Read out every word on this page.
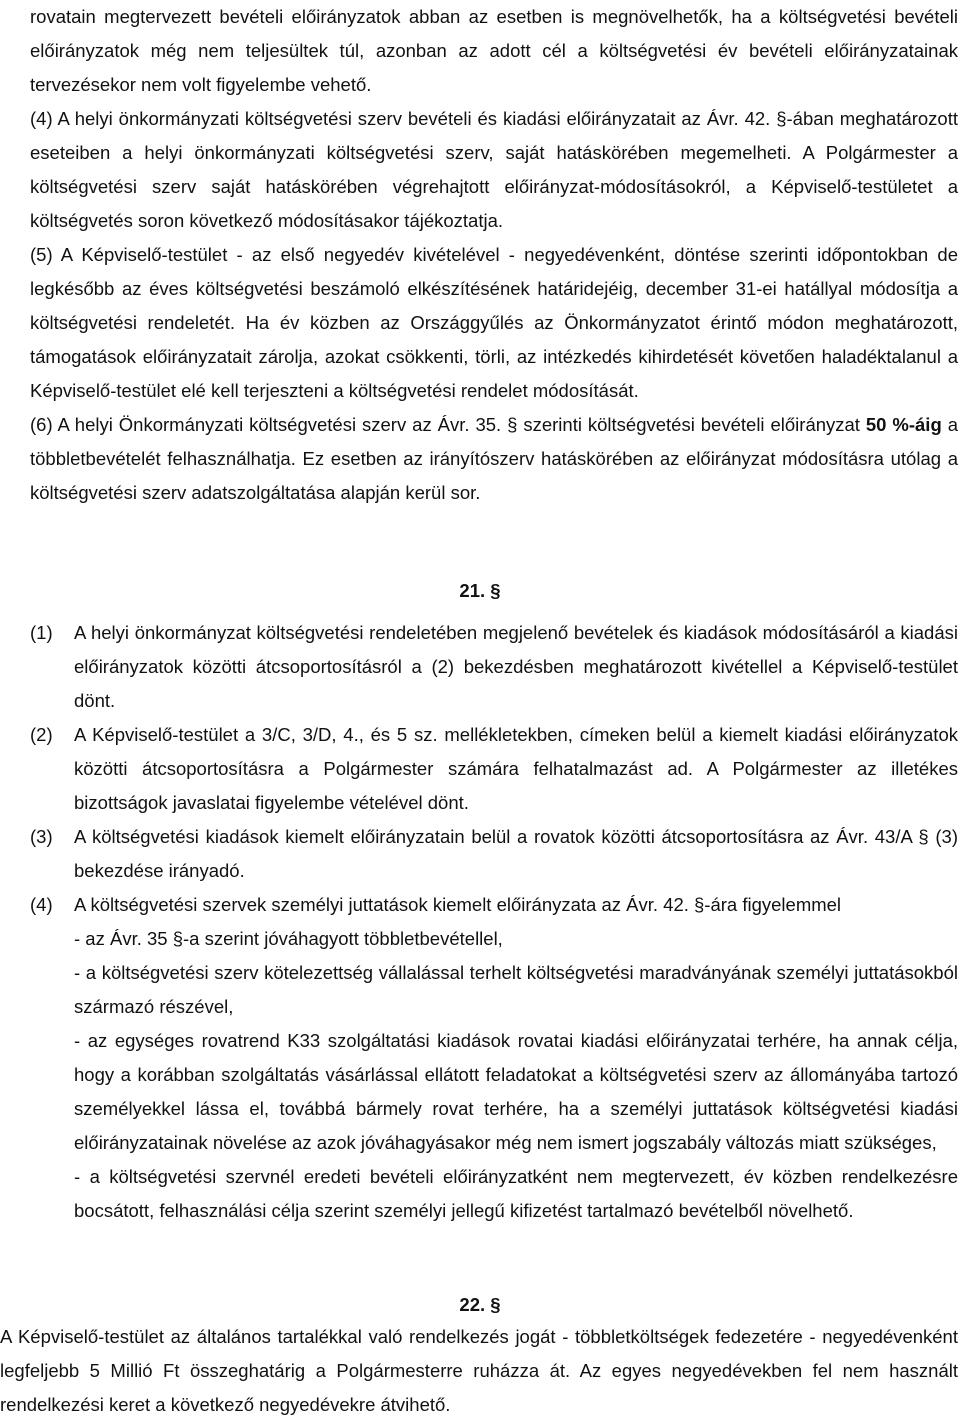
rovatain megtervezett bevételi előirányzatok abban az esetben is megnövelhetők, ha a költségvetési bevételi előirányzatok még nem teljesültek túl, azonban az adott cél a költségvetési év bevételi előirányzatainak tervezésekor nem volt figyelembe vehető.

(4) A helyi önkormányzati költségvetési szerv bevételi és kiadási előirányzatait az Ávr. 42. §-ában meghatározott eseteiben a helyi önkormányzati költségvetési szerv, saját hatáskörében megemelheti. A Polgármester a költségvetési szerv saját hatáskörében végrehajtott előirányzat-módosításokról, a Képviselő-testületet a költségvetés soron következő módosításakor tájékoztatja.

(5) A Képviselő-testület - az első negyedév kivételével - negyedévenként, döntése szerinti időpontokban de legkésőbb az éves költségvetési beszámoló elkészítésének határidejéig, december 31-ei hatállyal módosítja a költségvetési rendeletét. Ha év közben az Országgyűlés az Önkormányzatot érintő módon meghatározott, támogatások előirányzatait zárolja, azokat csökkenti, törli, az intézkedés kihirdetését követően haladéktalanul a Képviselő-testület elé kell terjeszteni a költségvetési rendelet módosítását.

(6) A helyi Önkormányzati költségvetési szerv az Ávr. 35. § szerinti költségvetési bevételi előirányzat 50 %-áig a többletbevételét felhasználhatja. Ez esetben az irányítószerv hatáskörében az előirányzat módosításra utólag a költségvetési szerv adatszolgáltatása alapján kerül sor.

21. §
(1)	A helyi önkormányzat költségvetési rendeletében megjelenő bevételek és kiadások módosításáról a kiadási előirányzatok közötti átcsoportosításról a (2) bekezdésben meghatározott kivétellel a Képviselő-testület dönt.
(2)	A Képviselő-testület a 3/C, 3/D, 4., és 5 sz. mellékletekben, címeken belül a kiemelt kiadási előirányzatok közötti átcsoportosításra a Polgármester számára felhatalmazást ad. A Polgármester az illetékes bizottságok javaslatai figyelembe vételével dönt.
(3)	A költségvetési kiadások kiemelt előirányzatain belül a rovatok közötti átcsoportosításra az Ávr. 43/A § (3) bekezdése irányadó.
(4)	A költségvetési szervek személyi juttatások kiemelt előirányzata az Ávr. 42. §-ára figyelemmel
- az Ávr. 35 §-a szerint jóváhagyott többletbevétellel,
- a költségvetési szerv kötelezettség vállalással terhelt költségvetési maradványának személyi juttatásokból származó részével,
- az egységes rovatrend K33 szolgáltatási kiadások rovatai kiadási előirányzatai terhére, ha annak célja, hogy a korábban szolgáltatás vásárlással ellátott feladatokat a költségvetési szerv az állományába tartozó személyekkel lássa el, továbbá bármely rovat terhére, ha a személyi juttatások költségvetési kiadási előirányzatainak növelése az azok jóváhagyásakor még nem ismert jogszabály változás miatt szükséges,
- a költségvetési szervnél eredeti bevételi előirányzatként nem megtervezett, év közben rendelkezésre bocsátott, felhasználási célja szerint személyi jellegű kifizetést tartalmazó bevételből növelhető.
22. §

A Képviselő-testület az általános tartalékkal való rendelkezés jogát - többletköltségek fedezetére - negyedévenként legfeljebb 5 Millió Ft összeghatárig a Polgármesterre ruházza át. Az egyes negyedévekben fel nem használt rendelkezési keret a következő negyedévekre átvihető.
